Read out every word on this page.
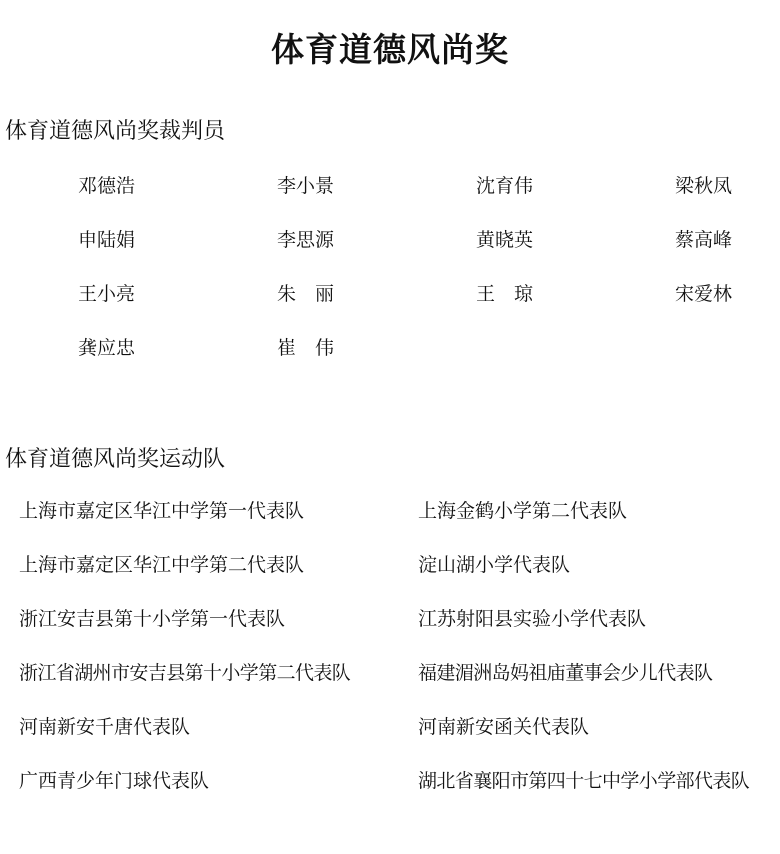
体育道德风尚奖
体育道德风尚奖裁判员
邓德浩	李小景	沈育伟	梁秋凤
申陆娟	李思源	黄晓英	蔡高峰
王小亮	朱　丽	王　琼	宋爱林
龚应忠	崔　伟
体育道德风尚奖运动队
上海市嘉定区华江中学第一代表队	上海金鹤小学第二代表队
上海市嘉定区华江中学第二代表队	淀山湖小学代表队
浙江安吉县第十小学第一代表队	江苏射阳县实验小学代表队
浙江省湖州市安吉县第十小学第二代表队	福建湄洲岛妈祖庙董事会少儿代表队
河南新安千唐代表队	河南新安函关代表队
广西青少年门球代表队	湖北省襄阳市第四十七中学小学部代表队
